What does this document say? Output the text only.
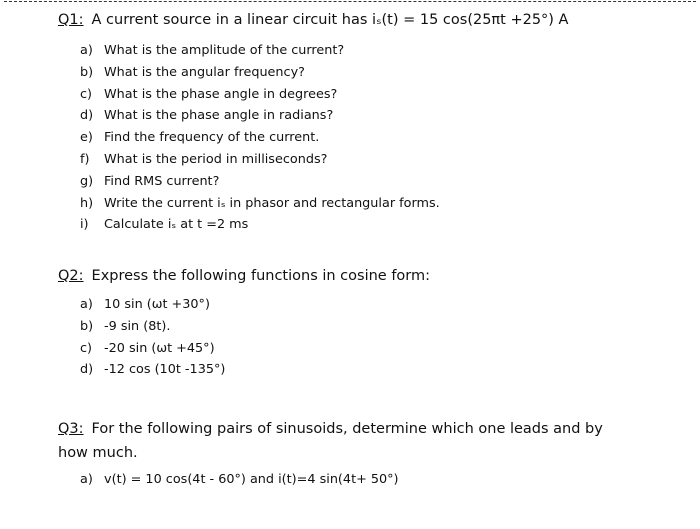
Q1: A current source in a linear circuit has iₛ(t) = 15 cos(25πt +25°) A
a) What is the amplitude of the current?
b) What is the angular frequency?
c) What is the phase angle in degrees?
d) What is the phase angle in radians?
e) Find the frequency of the current.
f) What is the period in milliseconds?
g) Find RMS current?
h) Write the current iₛ in phasor and rectangular forms.
i) Calculate iₛ at t =2 ms
Q2: Express the following functions in cosine form:
a) 10 sin (ωt +30°)
b) -9 sin (8t).
c) -20 sin (ωt +45°)
d) -12 cos (10t -135°)
Q3: For the following pairs of sinusoids, determine which one leads and by how much.
a) v(t) = 10 cos(4t - 60°) and i(t)=4 sin(4t+ 50°)
